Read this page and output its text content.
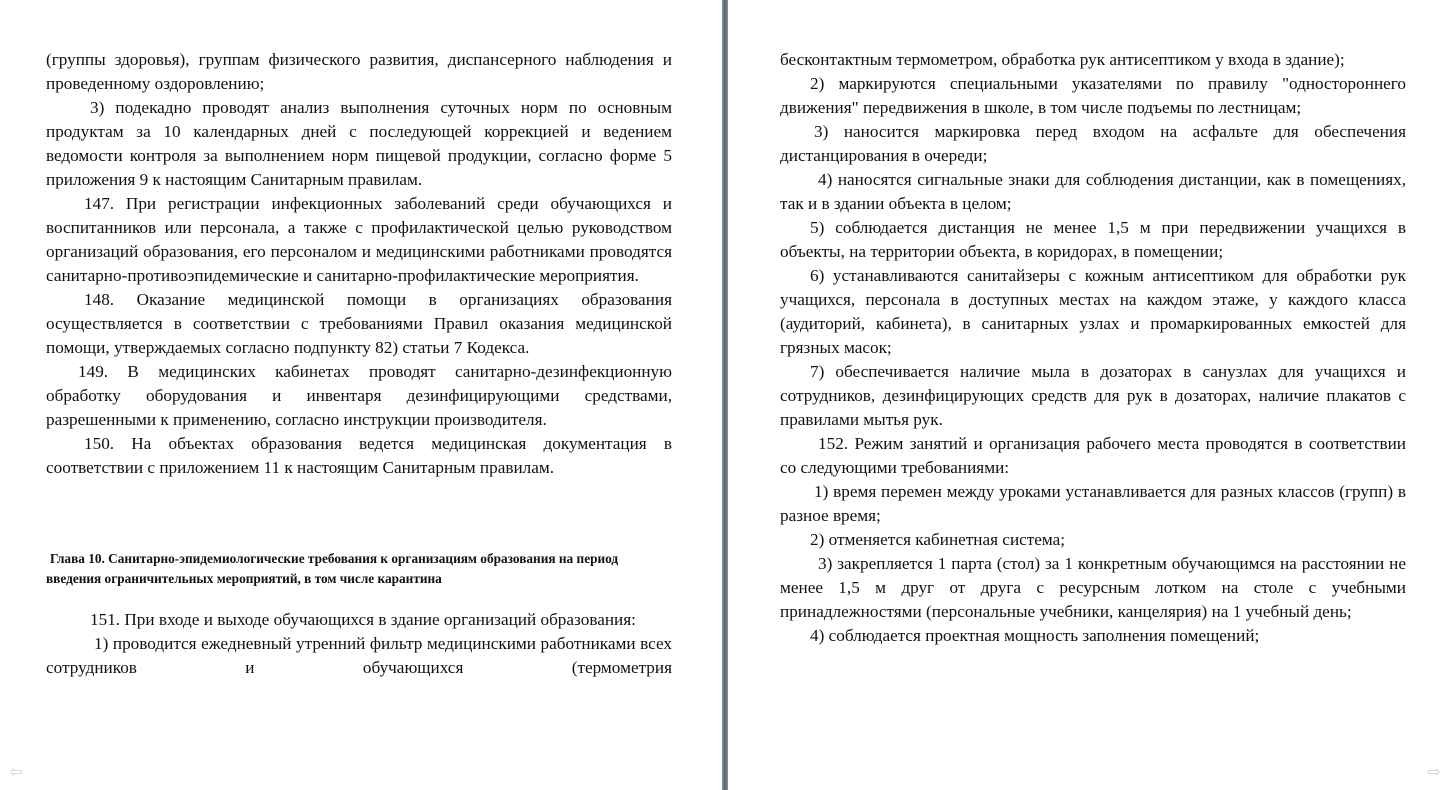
(группы здоровья), группам физического развития, диспансерного наблюдения и проведенному оздоровлению;

3) подекадно проводят анализ выполнения суточных норм по основным продуктам за 10 календарных дней с последующей коррекцией и ведением ведомости контроля за выполнением норм пищевой продукции, согласно форме 5 приложения 9 к настоящим Санитарным правилам.

147. При регистрации инфекционных заболеваний среди обучающихся и воспитанников или персонала, а также с профилактической целью руководством организаций образования, его персоналом и медицинскими работниками проводятся санитарно-противоэпидемические и санитарно-профилактические мероприятия.

148. Оказание медицинской помощи в организациях образования осуществляется в соответствии с требованиями Правил оказания медицинской помощи, утверждаемых согласно подпункту 82) статьи 7 Кодекса.

149. В медицинских кабинетах проводят санитарно-дезинфекционную обработку оборудования и инвентаря дезинфицирующими средствами, разрешенными к применению, согласно инструкции производителя.

150. На объектах образования ведется медицинская документация в соответствии с приложением 11 к настоящим Санитарным правилам.

Глава 10. Санитарно-эпидемиологические требования к организациям образования на период введения ограничительных мероприятий, в том числе карантина

151. При входе и выходе обучающихся в здание организаций образования:

1) проводится ежедневный утренний фильтр медицинскими работниками всех сотрудников и обучающихся (термометрия

⇦

бесконтактным термометром, обработка рук антисептиком у входа в здание);

2) маркируются специальными указателями по правилу "одностороннего движения" передвижения в школе, в том числе подъемы по лестницам;

3) наносится маркировка перед входом на асфальте для обеспечения дистанцирования в очереди;

4) наносятся сигнальные знаки для соблюдения дистанции, как в помещениях, так и в здании объекта в целом;

5) соблюдается дистанция не менее 1,5 м при передвижении учащихся в объекты, на территории объекта, в коридорах, в помещении;

6) устанавливаются санитайзеры с кожным антисептиком для обработки рук учащихся, персонала в доступных местах на каждом этаже, у каждого класса (аудиторий, кабинета), в санитарных узлах и промаркированных емкостей для грязных масок;

7) обеспечивается наличие мыла в дозаторах в санузлах для учащихся и сотрудников, дезинфицирующих средств для рук в дозаторах, наличие плакатов с правилами мытья рук.

152. Режим занятий и организация рабочего места проводятся в соответствии со следующими требованиями:

1) время перемен между уроками устанавливается для разных классов (групп) в разное время;

2) отменяется кабинетная система;

3) закрепляется 1 парта (стол) за 1 конкретным обучающимся на расстоянии не менее 1,5 м друг от друга с ресурсным лотком на столе с учебными принадлежностями (персональные учебники, канцелярия) на 1 учебный день;

4) соблюдается проектная мощность заполнения помещений;

⇨
